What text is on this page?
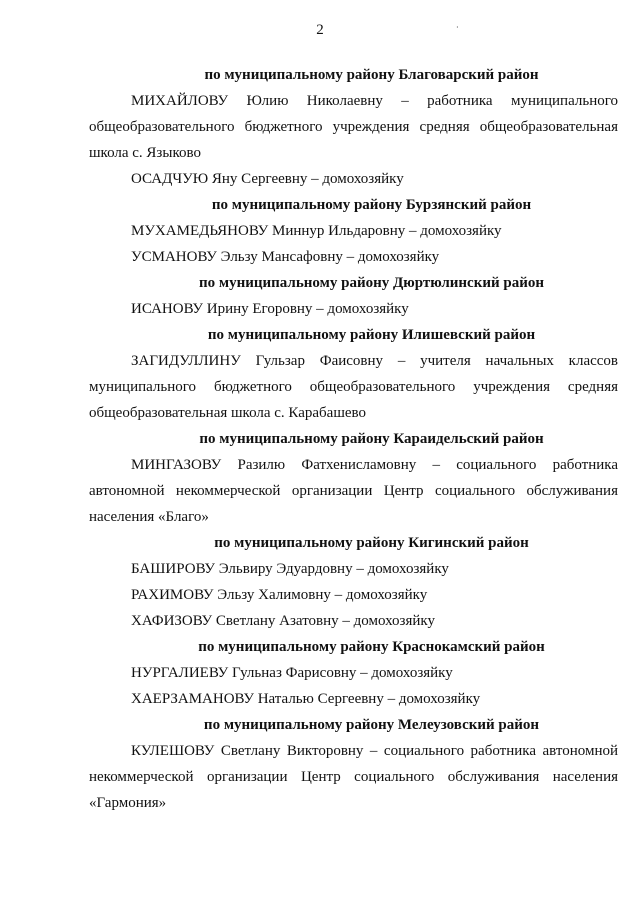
2	·

по муниципальному району Благоварский район

МИХАЙЛОВУ Юлию Николаевну – работника муниципального общеобразовательного бюджетного учреждения средняя общеобразовательная школа с. Языково

ОСАДЧУЮ Яну Сергеевну – домохозяйку

по муниципальному району Бурзянский район

МУХАМЕДЬЯНОВУ Миннур Ильдаровну – домохозяйку

УСМАНОВУ Эльзу Мансафовну – домохозяйку

по муниципальному району Дюртюлинский район

ИСАНОВУ Ирину Егоровну – домохозяйку

по муниципальному району Илишевский район

ЗАГИДУЛЛИНУ Гульзар Фаисовну – учителя начальных классов муниципального бюджетного общеобразовательного учреждения средняя общеобразовательная школа с. Карабашево

по муниципальному району Караидельский район

МИНГАЗОВУ Разилю Фатхенисламовну – социального работника автономной некоммерческой организации Центр социального обслуживания населения «Благо»

по муниципальному району Кигинский район

БАШИРОВУ Эльвиру Эдуардовну – домохозяйку

РАХИМОВУ Эльзу Халимовну – домохозяйку

ХАФИЗОВУ Светлану Азатовну – домохозяйку

по муниципальному району Краснокамский район

НУРГАЛИЕВУ Гульназ Фарисовну – домохозяйку

ХАЕРЗАМАНОВУ Наталью Сергеевну – домохозяйку

по муниципальному району Мелеузовский район

КУЛЕШОВУ Светлану Викторовну – социального работника автономной некоммерческой организации Центр социального обслуживания населения «Гармония»
